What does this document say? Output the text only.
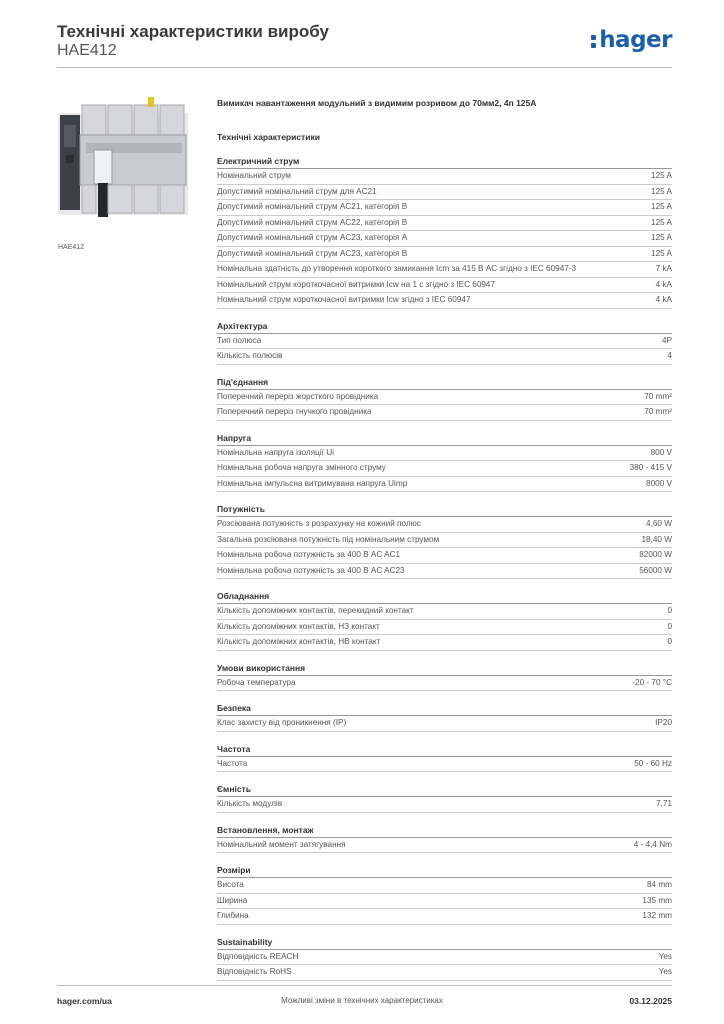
Технічні характеристики виробу
HAE412	hager
HAE412
Вимикач навантаження модульний з видимим розривом до 70мм2, 4п 125А
Технічні характеристики
Електричний струм
Номінальний струм	125 A
Допустимий номінальний струм для AC21	125 A
Допустимий номінальний струм AC21, категорія B	125 A
Допустимий номінальний струм AC22, категорія B	125 A
Допустимий номінальний струм AC23, категорія A	125 A
Допустимий номінальний струм AC23, категорія B	125 A
Номінальна здатність до утворення короткого замикання Icm за 415 В AC згідно з IEC 60947-3	7 kA
Номінальний струм короткочасної витримки Icw на 1 с згідно з IEC 60947	4 kA
Номінальний струм короткочасної витримки Icw згідно з IEC 60947	4 kA
Архітектура
Тип полюса	4P
Кількість полюсів	4
Під'єднання
Поперечний переріз жорсткого провідника	70 mm²
Поперечний переріз гнучкого провідника	70 mm²
Напруга
Номінальна напруга ізоляції Ui	800 V
Номінальна робоча напруга змінного струму	380 - 415 V
Номінальна імпульсна витримувана напруга Uimp	8000 V
Потужність
Розсіювана потужність з розрахунку на кожний полюс	4,60 W
Загальна розсіювана потужність під номінальним струмом	18,40 W
Номінальна робоча потужність за 400 В AC AC1	82000 W
Номінальна робоча потужність за 400 В AC AC23	56000 W
Обладнання
Кількість допоміжних контактів, перекидний контакт	0
Кількість допоміжних контактів, НЗ контакт	0
Кількість допоміжних контактів, НВ контакт	0
Умови використання
Робоча температура	-20 - 70 °C
Безпека
Клас захисту від проникнення (IP)	IP20
Частота
Частота	50 - 60 Hz
Ємність
Кількість модулів	7,71
Встановлення, монтаж
Номінальний момент затягування	4 - 4,4 Nm
Розміри
Висота	84 mm
Ширина	135 mm
Глибина	132 mm
Sustainability
Відповідність REACH	Yes
Відповідність RoHS	Yes
hager.com/ua	Можливі зміни в технічних характеристиках	03.12.2025
